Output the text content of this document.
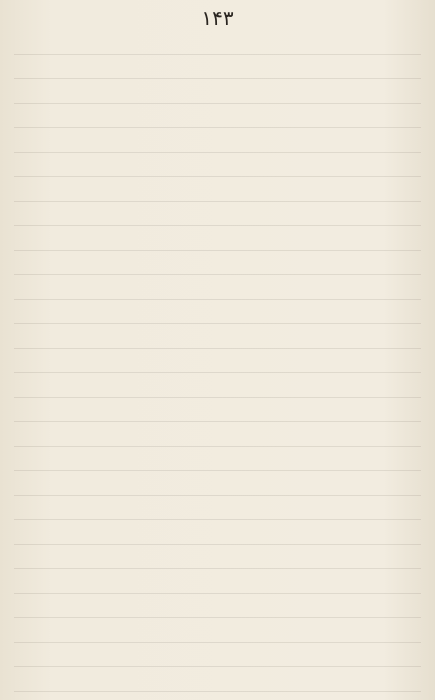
۱۴۳
